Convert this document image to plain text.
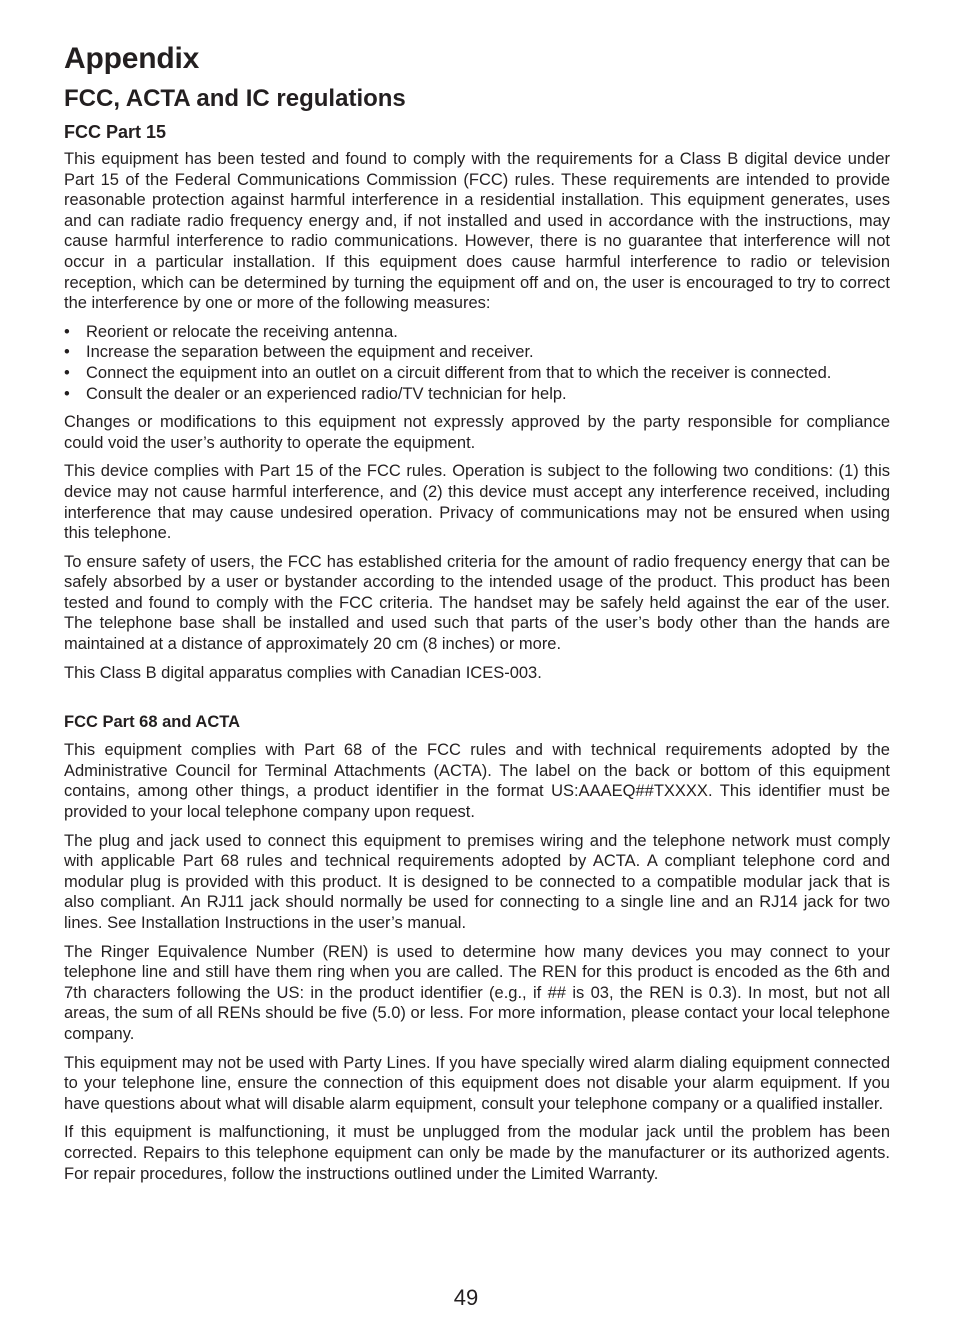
Appendix
FCC, ACTA and IC regulations
FCC Part 15

This equipment has been tested and found to comply with the requirements for a Class B digital device under Part 15 of the Federal Communications Commission (FCC) rules. These requirements are intended to provide reasonable protection against harmful interference in a residential installation. This equipment generates, uses and can radiate radio frequency energy and, if not installed and used in accordance with the instructions, may cause harmful interference to radio communications. However, there is no guarantee that interference will not occur in a particular installation. If this equipment does cause harmful interference to radio or television reception, which can be determined by turning the equipment off and on, the user is encouraged to try to correct the interference by one or more of the following measures:

• Reorient or relocate the receiving antenna.
• Increase the separation between the equipment and receiver.
• Connect the equipment into an outlet on a circuit different from that to which the receiver is connected.
• Consult the dealer or an experienced radio/TV technician for help.

Changes or modifications to this equipment not expressly approved by the party responsible for compliance could void the user’s authority to operate the equipment.

This device complies with Part 15 of the FCC rules. Operation is subject to the following two conditions: (1) this device may not cause harmful interference, and (2) this device must accept any interference received, including interference that may cause undesired operation. Privacy of communications may not be ensured when using this telephone.

To ensure safety of users, the FCC has established criteria for the amount of radio frequency energy that can be safely absorbed by a user or bystander according to the intended usage of the product. This product has been tested and found to comply with the FCC criteria. The handset may be safely held against the ear of the user. The telephone base shall be installed and used such that parts of the user’s body other than the hands are maintained at a distance of approximately 20 cm (8 inches) or more.

This Class B digital apparatus complies with Canadian ICES-003.

FCC Part 68 and ACTA

This equipment complies with Part 68 of the FCC rules and with technical requirements adopted by the Administrative Council for Terminal Attachments (ACTA). The label on the back or bottom of this equipment contains, among other things, a product identifier in the format US:AAAEQ##TXXXX. This identifier must be provided to your local telephone company upon request.

The plug and jack used to connect this equipment to premises wiring and the telephone network must comply with applicable Part 68 rules and technical requirements adopted by ACTA. A compliant telephone cord and modular plug is provided with this product. It is designed to be connected to a compatible modular jack that is also compliant. An RJ11 jack should normally be used for connecting to a single line and an RJ14 jack for two lines. See Installation Instructions in the user’s manual.

The Ringer Equivalence Number (REN) is used to determine how many devices you may connect to your telephone line and still have them ring when you are called. The REN for this product is encoded as the 6th and 7th characters following the US: in the product identifier (e.g., if ## is 03, the REN is 0.3). In most, but not all areas, the sum of all RENs should be five (5.0) or less. For more information, please contact your local telephone company.

This equipment may not be used with Party Lines. If you have specially wired alarm dialing equipment connected to your telephone line, ensure the connection of this equipment does not disable your alarm equipment. If you have questions about what will disable alarm equipment, consult your telephone company or a qualified installer.

If this equipment is malfunctioning, it must be unplugged from the modular jack until the problem has been corrected. Repairs to this telephone equipment can only be made by the manufacturer or its authorized agents. For repair procedures, follow the instructions outlined under the Limited Warranty.

49
